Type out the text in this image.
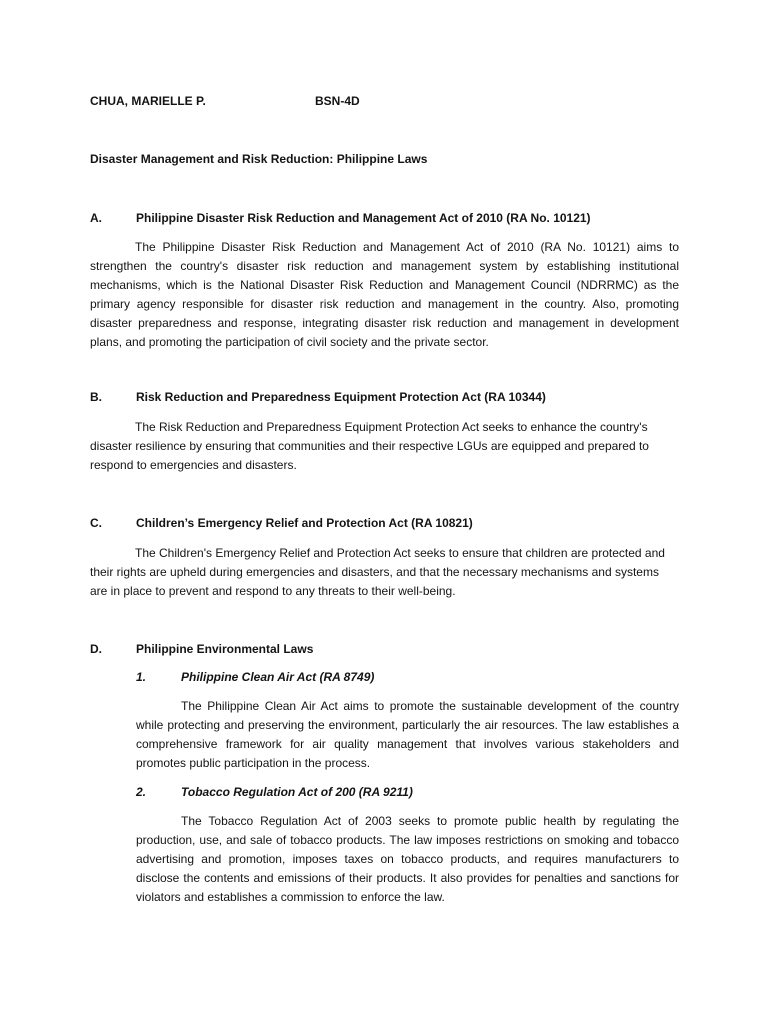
CHUA, MARIELLE P.	BSN-4D
Disaster Management and Risk Reduction: Philippine Laws
A.	Philippine Disaster Risk Reduction and Management Act of 2010 (RA No. 10121)

The Philippine Disaster Risk Reduction and Management Act of 2010 (RA No. 10121) aims to strengthen the country's disaster risk reduction and management system by establishing institutional mechanisms, which is the National Disaster Risk Reduction and Management Council (NDRRMC) as the primary agency responsible for disaster risk reduction and management in the country. Also, promoting disaster preparedness and response, integrating disaster risk reduction and management in development plans, and promoting the participation of civil society and the private sector.

B.	Risk Reduction and Preparedness Equipment Protection Act (RA 10344)

The Risk Reduction and Preparedness Equipment Protection Act seeks to enhance the country's disaster resilience by ensuring that communities and their respective LGUs are equipped and prepared to respond to emergencies and disasters.

C.	Children’s Emergency Relief and Protection Act (RA 10821)

The Children's Emergency Relief and Protection Act seeks to ensure that children are protected and their rights are upheld during emergencies and disasters, and that the necessary mechanisms and systems are in place to prevent and respond to any threats to their well-being.

D.	Philippine Environmental Laws
1.	Philippine Clean Air Act (RA 8749)

The Philippine Clean Air Act aims to promote the sustainable development of the country while protecting and preserving the environment, particularly the air resources. The law establishes a comprehensive framework for air quality management that involves various stakeholders and promotes public participation in the process.

2.	Tobacco Regulation Act of 200 (RA 9211)

The Tobacco Regulation Act of 2003 seeks to promote public health by regulating the production, use, and sale of tobacco products. The law imposes restrictions on smoking and tobacco advertising and promotion, imposes taxes on tobacco products, and requires manufacturers to disclose the contents and emissions of their products. It also provides for penalties and sanctions for violators and establishes a commission to enforce the law.
